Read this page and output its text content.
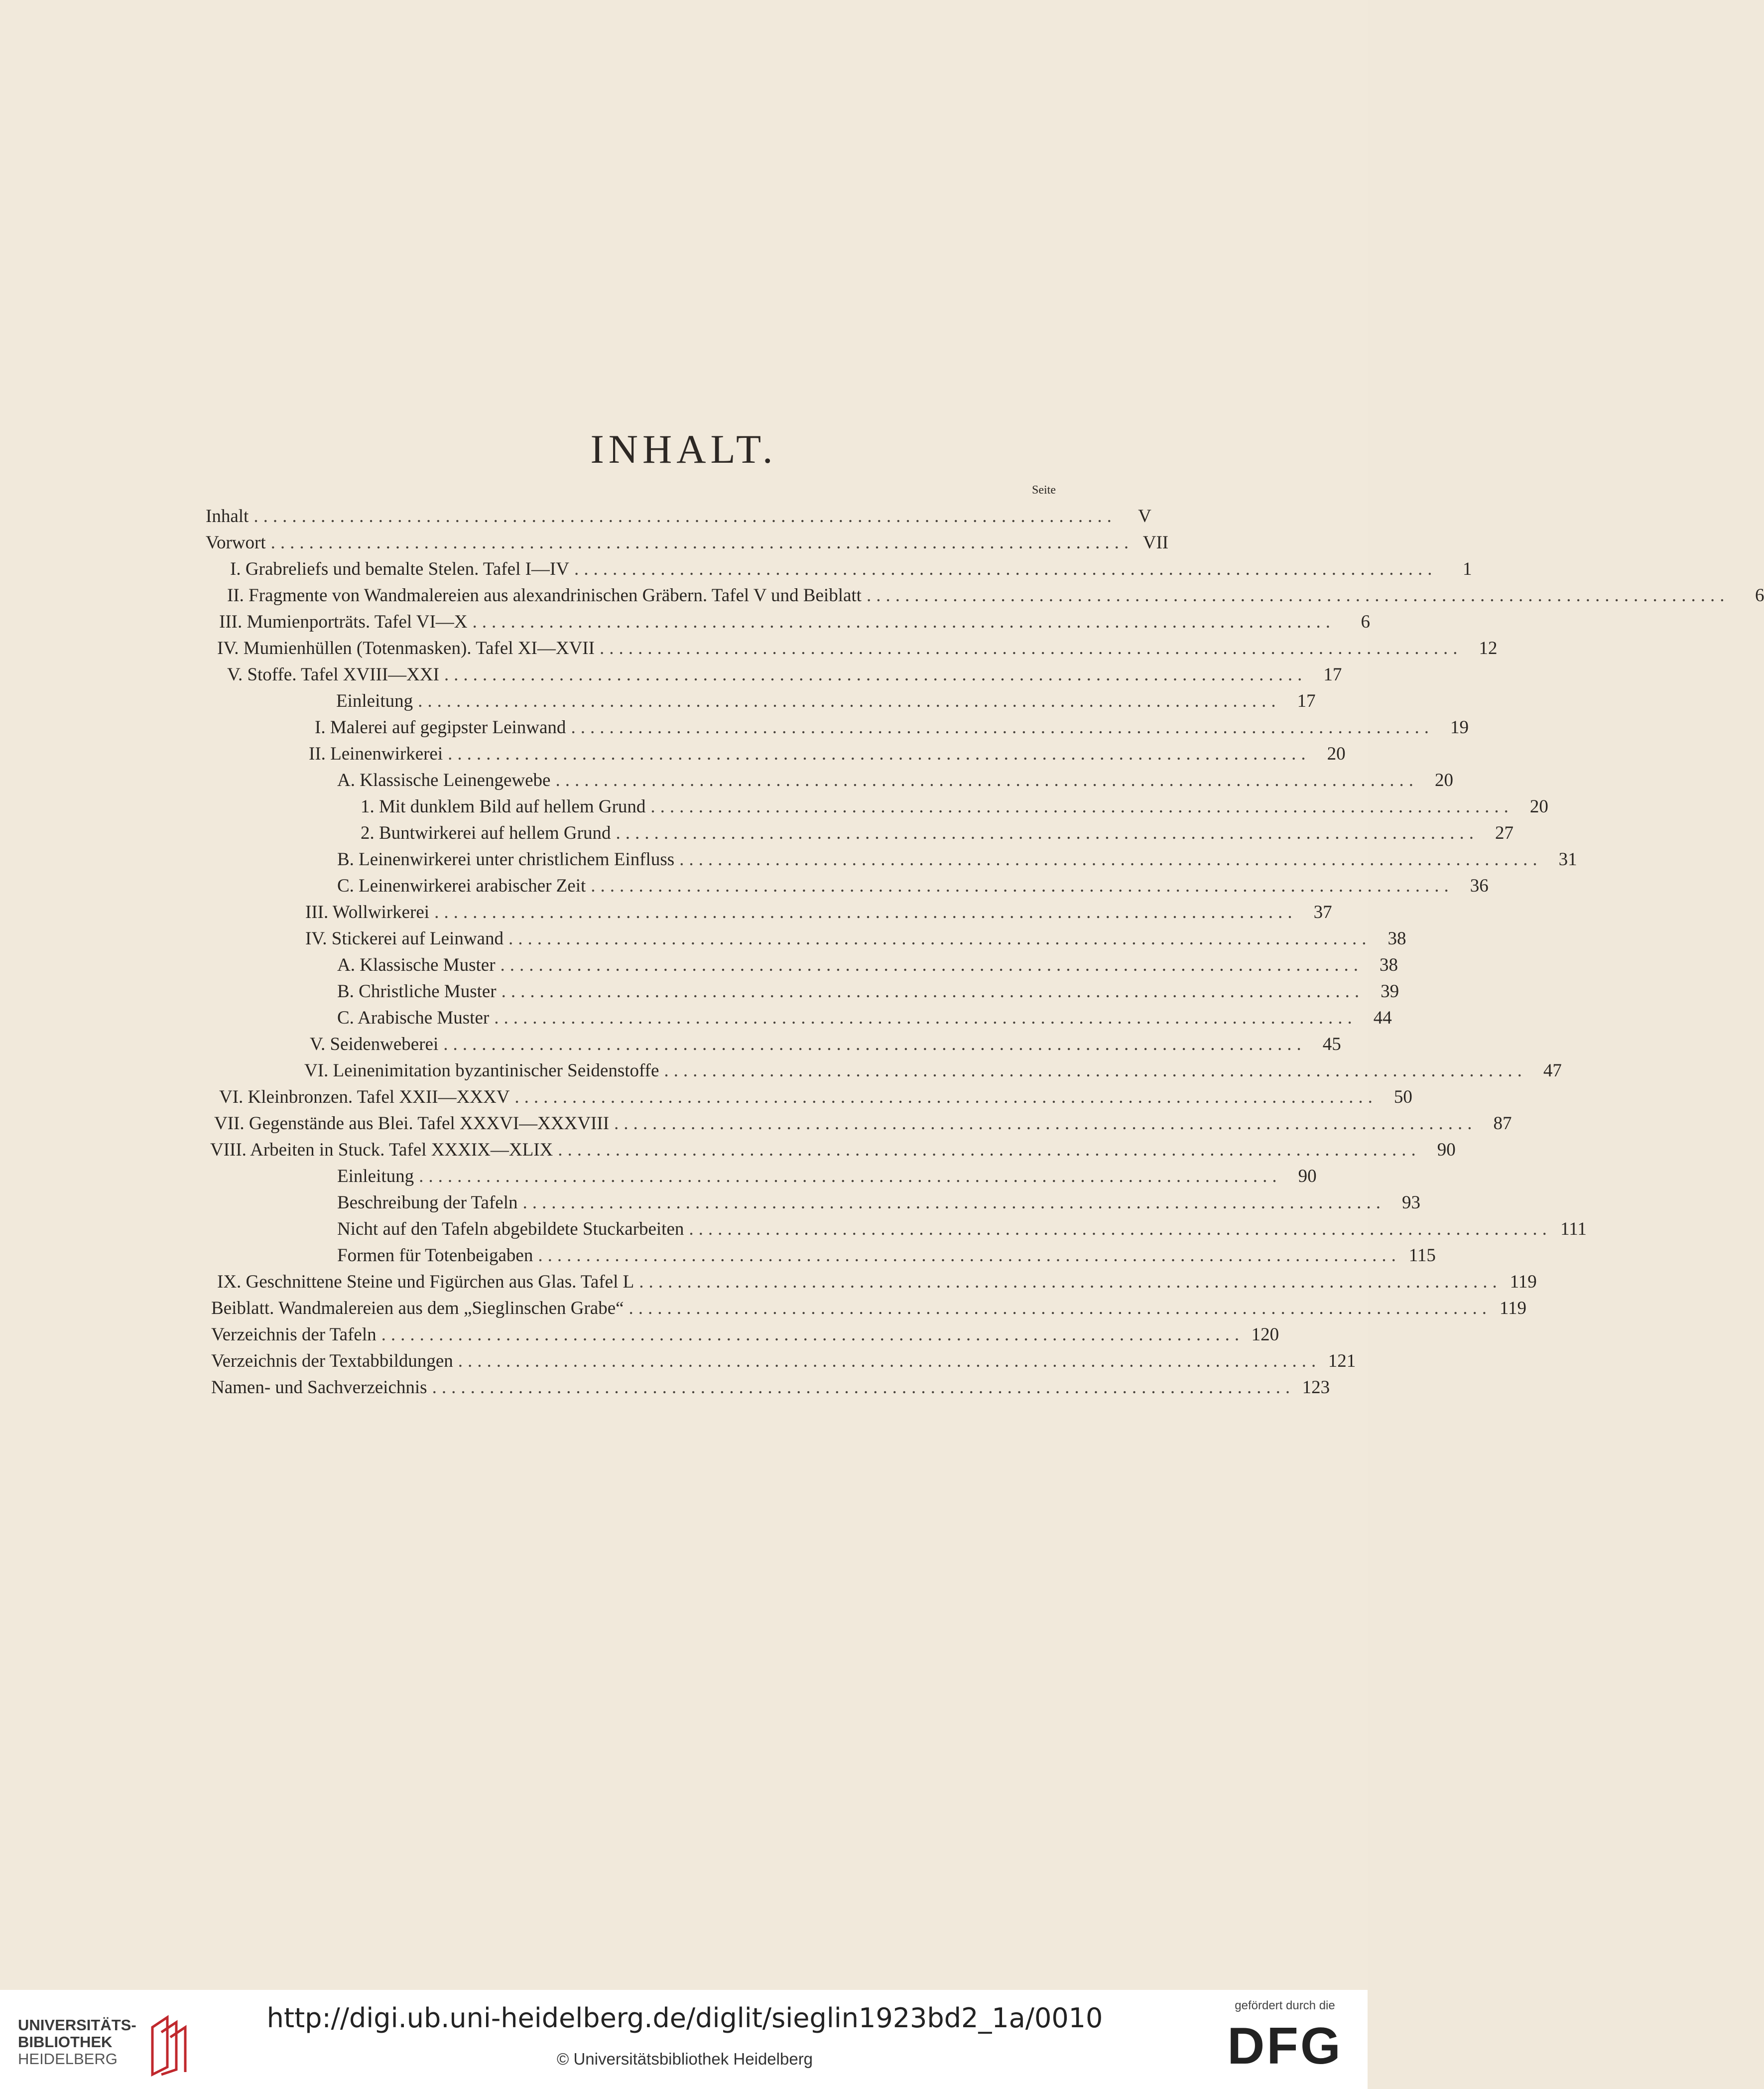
INHALT.
Seite
Inhalt ..........................................................................................	V
Vorwort .......................................................................................... VII
I. Grabreliefs und bemalte Stelen. Tafel I—IV ..........................................................................................	1
II. Fragmente von Wandmalereien aus alexandrinischen Gräbern. Tafel V und Beiblatt ..........................................................................................	6
III. Mumienporträts. Tafel VI—X ..........................................................................................	6
IV. Mumienhüllen (Totenmasken). Tafel XI—XVII .......................................................................................... 12
V. Stoffe. Tafel XVIII—XXI .......................................................................................... 17
Einleitung .......................................................................................... 17
I. Malerei auf gegipster Leinwand .......................................................................................... 19
II. Leinenwirkerei .......................................................................................... 20
A. Klassische Leinengewebe .......................................................................................... 20
1. Mit dunklem Bild auf hellem Grund .......................................................................................... 20
2. Buntwirkerei auf hellem Grund .......................................................................................... 27
B. Leinenwirkerei unter christlichem Einfluss .......................................................................................... 31
C. Leinenwirkerei arabischer Zeit .......................................................................................... 36
III. Wollwirkerei .......................................................................................... 37
IV. Stickerei auf Leinwand .......................................................................................... 38
A. Klassische Muster .......................................................................................... 38
B. Christliche Muster .......................................................................................... 39
C. Arabische Muster .......................................................................................... 44
V. Seidenweberei .......................................................................................... 45
VI. Leinenimitation byzantinischer Seidenstoffe .......................................................................................... 47
VI. Kleinbronzen. Tafel XXII—XXXV .......................................................................................... 50
VII. Gegenstände aus Blei. Tafel XXXVI—XXXVIII .......................................................................................... 87
VIII. Arbeiten in Stuck. Tafel XXXIX—XLIX .......................................................................................... 90
Einleitung .......................................................................................... 90
Beschreibung der Tafeln .......................................................................................... 93
Nicht auf den Tafeln abgebildete Stuckarbeiten .......................................................................................... 111
Formen für Totenbeigaben .......................................................................................... 115
IX. Geschnittene Steine und Figürchen aus Glas. Tafel L .......................................................................................... 119
Beiblatt. Wandmalereien aus dem „Sieglinschen Grabe“ .......................................................................................... 119
Verzeichnis der Tafeln .......................................................................................... 120
Verzeichnis der Textabbildungen .......................................................................................... 121
Namen- und Sachverzeichnis .......................................................................................... 123
UNIVERSITÄTS-
BIBLIOTHEK
HEIDELBERG
http://digi.ub.uni-heidelberg.de/diglit/sieglin1923bd2_1a/0010
© Universitätsbibliothek Heidelberg
gefördert durch die
DFG
